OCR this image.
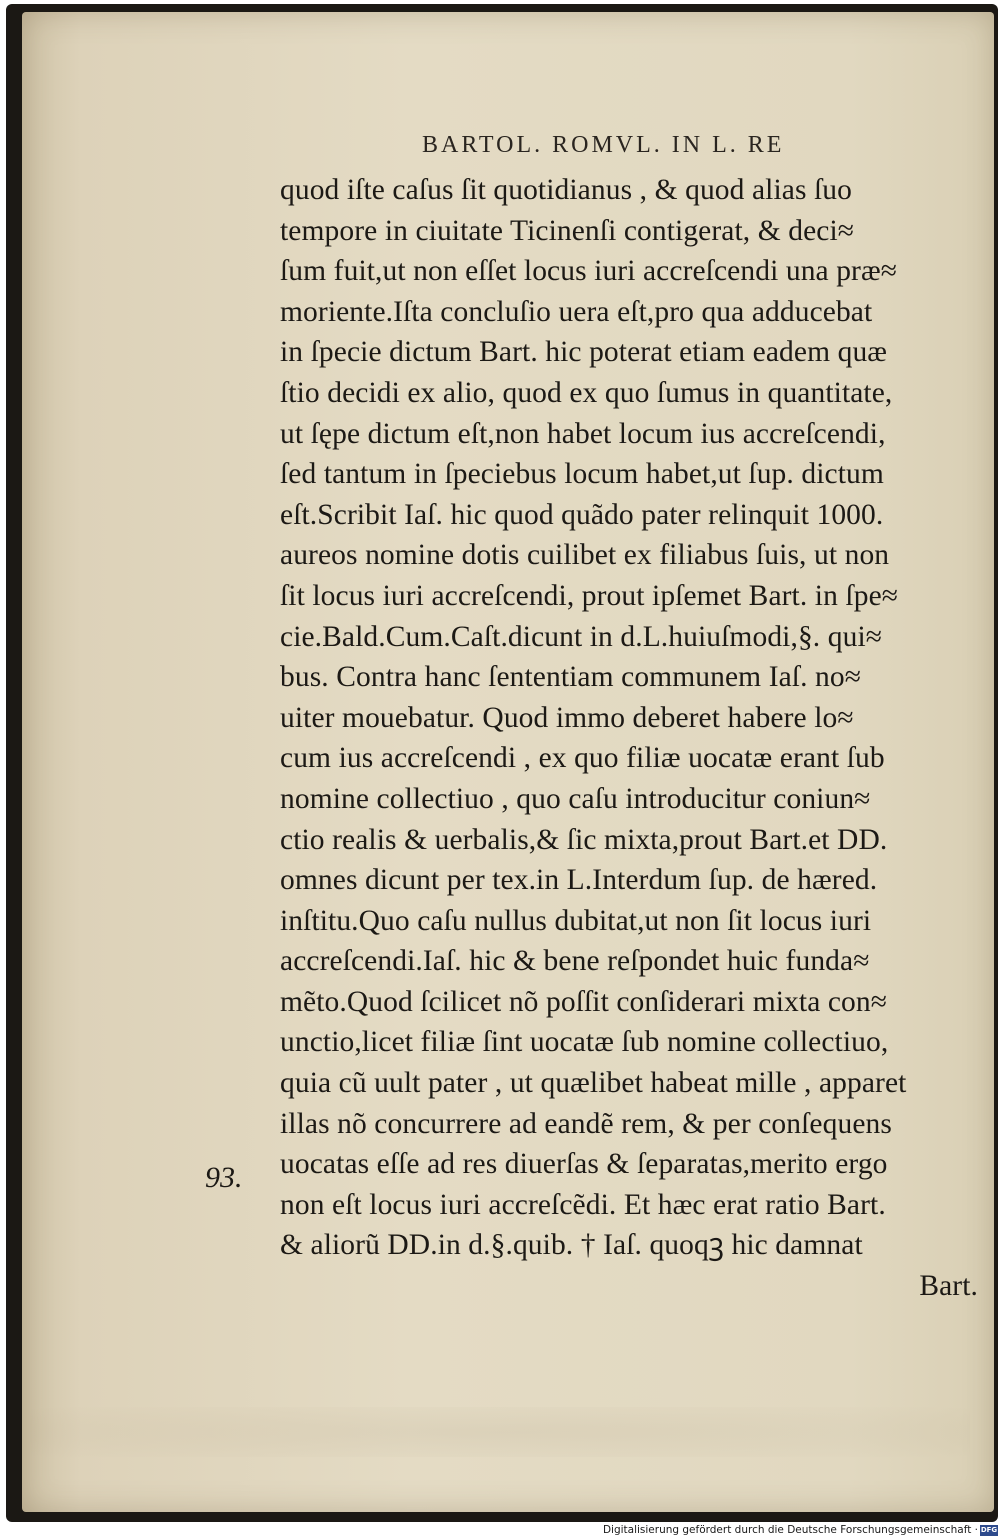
BARTOL. ROMVL. IN L. RE
93.
quod iſte caſus ſit quotidianus , & quod alias ſuo
tempore in ciuitate Ticinenſi contigerat, & deci≈
ſum fuit,ut non eſſet locus iuri accreſcendi una præ≈
moriente.Iſta concluſio uera eſt,pro qua adducebat
in ſpecie dictum Bart. hic poterat etiam eadem quæ
ſtio decidi ex alio, quod ex quo ſumus in quantitate,
ut ſępe dictum eſt,non habet locum ius accreſcendi,
ſed tantum in ſpeciebus locum habet,ut ſup. dictum
eſt.Scribit Iaſ. hic quod quãdo pater relinquit 1000.
aureos nomine dotis cuilibet ex filiabus ſuis, ut non
ſit locus iuri accreſcendi, prout ipſemet Bart. in ſpe≈
cie.Bald.Cum.Caſt.dicunt in d.L.huiuſmodi,§. qui≈
bus. Contra hanc ſententiam communem Iaſ. no≈
uiter mouebatur. Quod immo deberet habere lo≈
cum ius accreſcendi , ex quo filiæ uocatæ erant ſub
nomine collectiuo , quo caſu introducitur coniun≈
ctio realis & uerbalis,& ſic mixta,prout Bart.et DD.
omnes dicunt per tex.in L.Interdum ſup. de hæred.
inſtitu.Quo caſu nullus dubitat,ut non ſit locus iuri
accreſcendi.Iaſ. hic & bene reſpondet huic funda≈
mẽto.Quod ſcilicet nõ poſſit conſiderari mixta con≈
unctio,licet filiæ ſint uocatæ ſub nomine collectiuo,
quia cũ uult pater , ut quælibet habeat mille , apparet
illas nõ concurrere ad eandẽ rem, & per conſequens
uocatas eſſe ad res diuerſas & ſeparatas,merito ergo
non eſt locus iuri accreſcẽdi. Et hæc erat ratio Bart.
& aliorũ DD.in d.§.quib. † Iaſ. quoqꝫ hic damnat
Bart.
Digitalisierung gefördert durch die Deutsche Forschungsgemeinschaft · DFG
